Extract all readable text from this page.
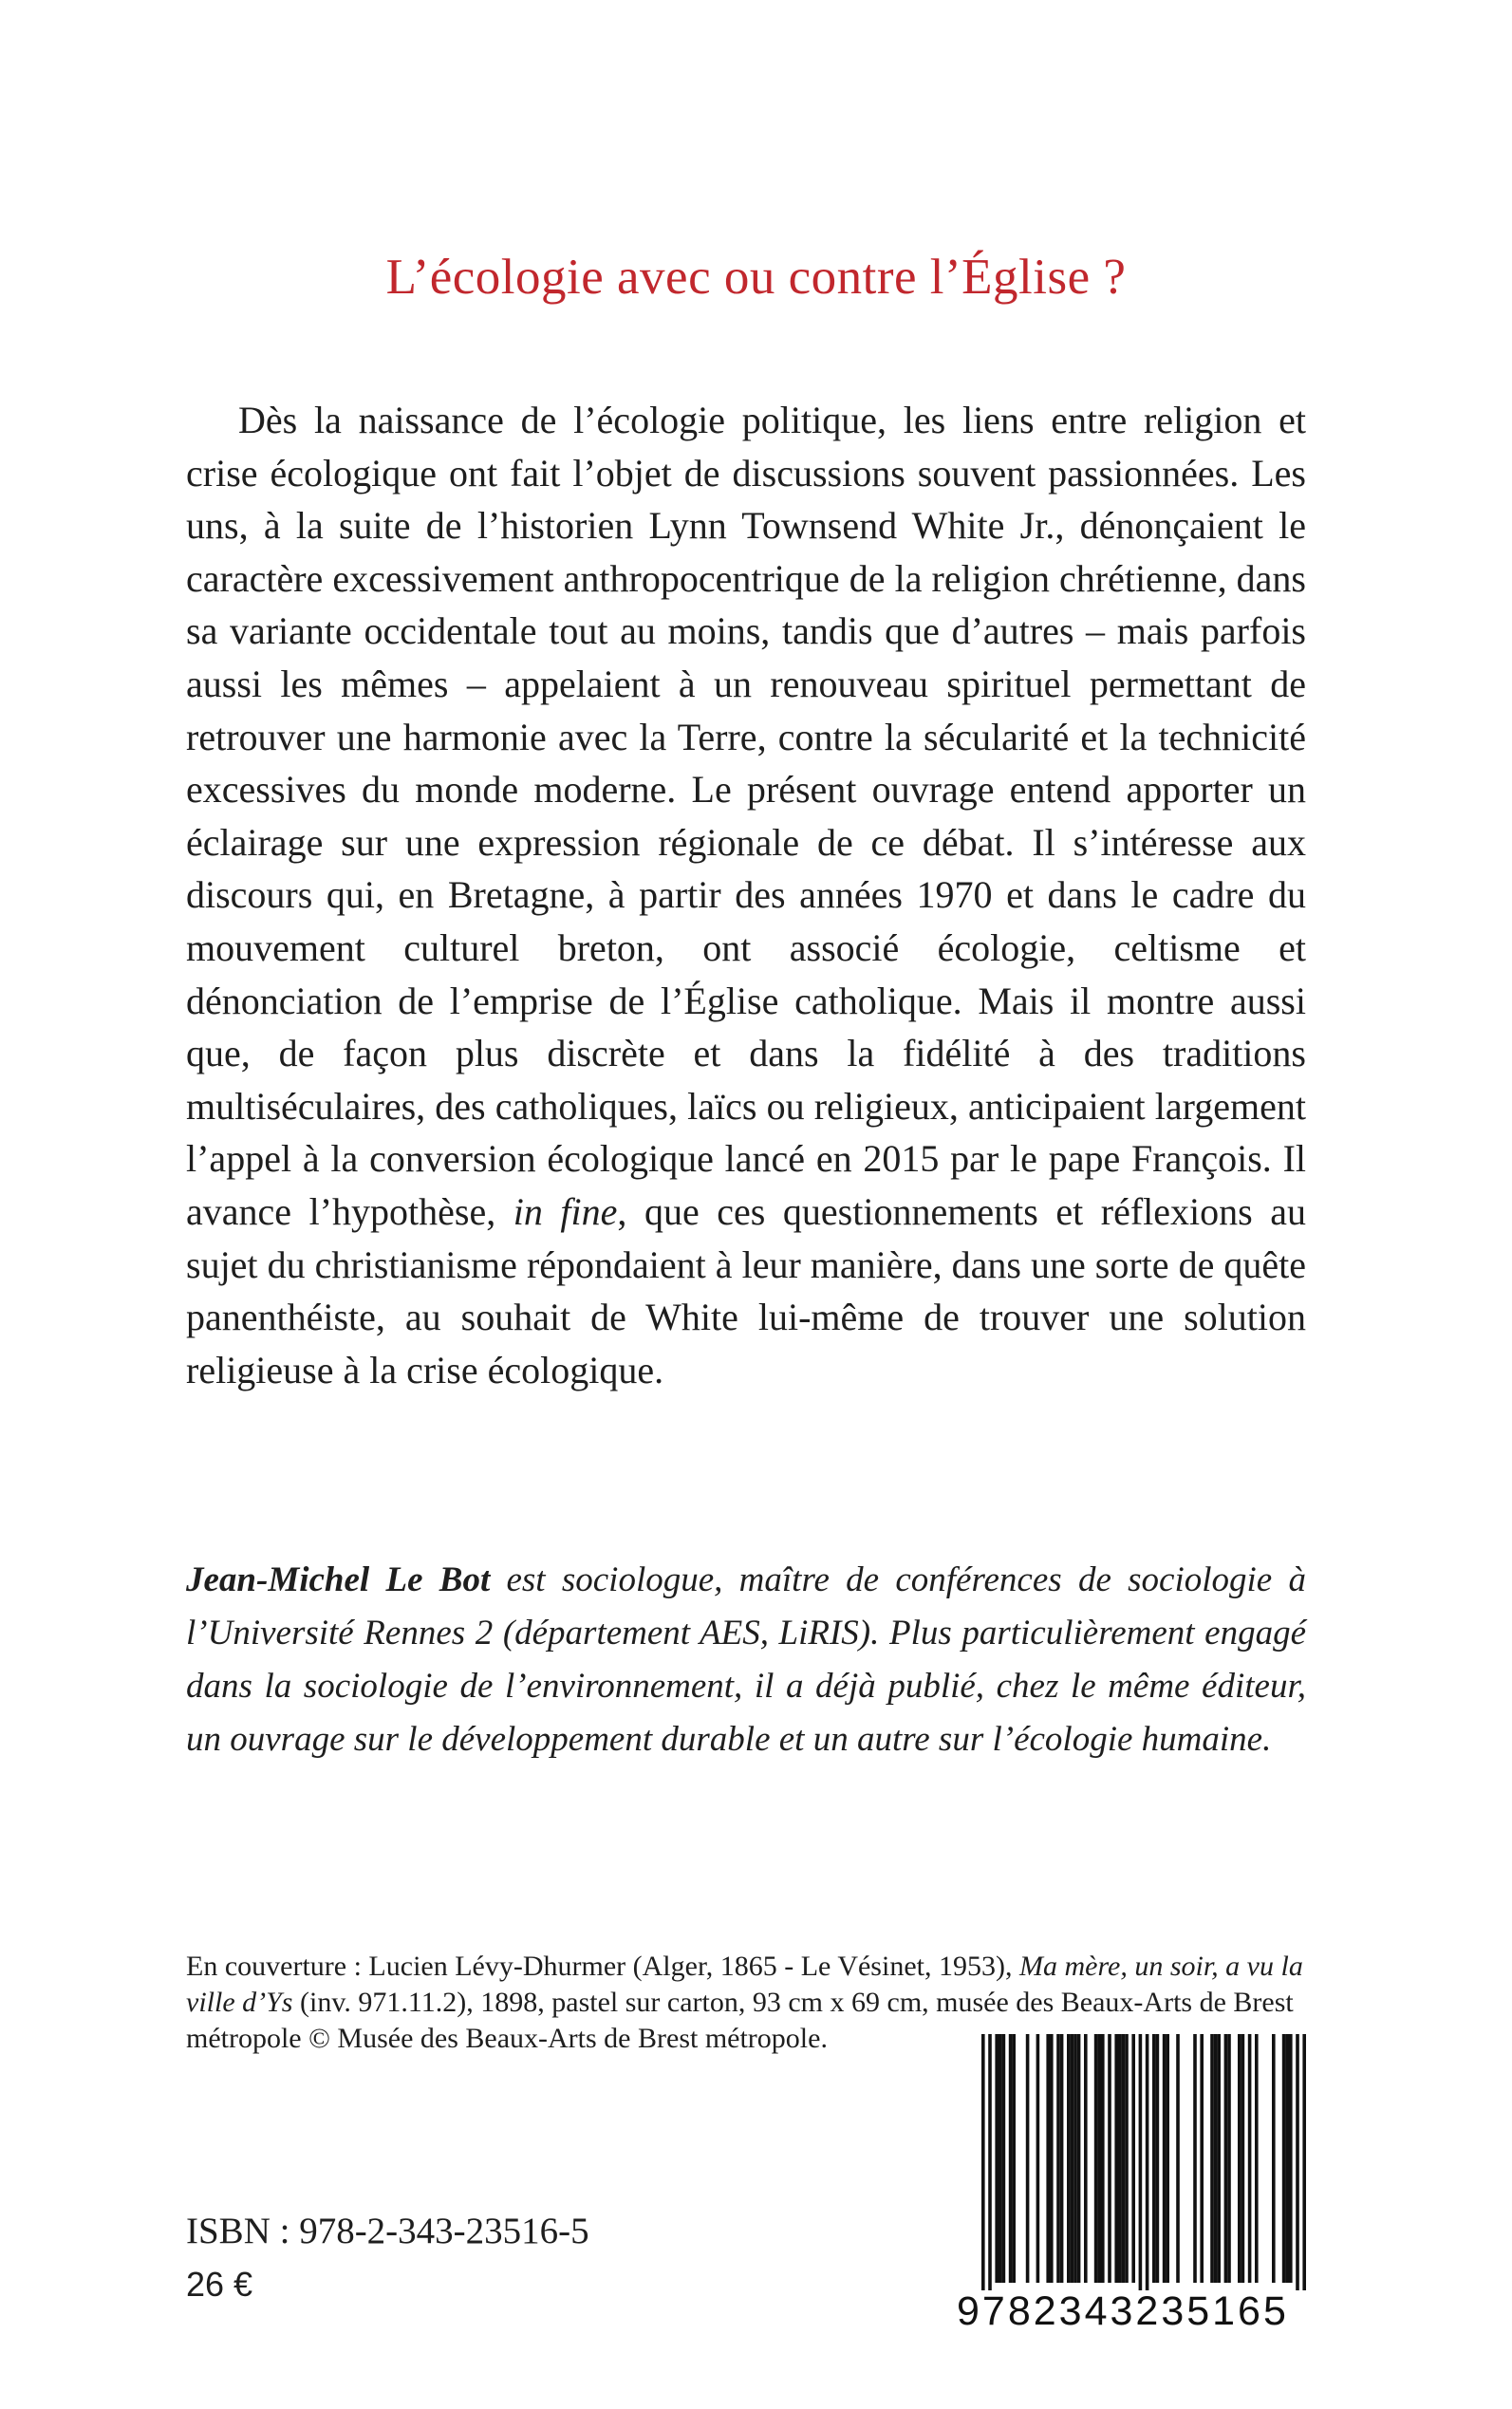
L’écologie avec ou contre l’Église ?

Dès la naissance de l’écologie politique, les liens entre religion et crise écologique ont fait l’objet de discussions souvent passionnées. Les uns, à la suite de l’historien Lynn Townsend White Jr., dénonçaient le caractère excessivement anthropocentrique de la religion chrétienne, dans sa variante occidentale tout au moins, tandis que d’autres – mais parfois aussi les mêmes – appelaient à un renouveau spirituel permettant de retrouver une harmonie avec la Terre, contre la sécularité et la technicité excessives du monde moderne. Le présent ouvrage entend apporter un éclairage sur une expression régionale de ce débat. Il s’intéresse aux discours qui, en Bretagne, à partir des années 1970 et dans le cadre du mouvement culturel breton, ont associé écologie, celtisme et dénonciation de l’emprise de l’Église catholique. Mais il montre aussi que, de façon plus discrète et dans la fidélité à des traditions multiséculaires, des catholiques, laïcs ou religieux, anticipaient largement l’appel à la conversion écologique lancé en 2015 par le pape François. Il avance l’hypothèse, in fine, que ces questionnements et réflexions au sujet du christianisme répondaient à leur manière, dans une sorte de quête panenthéiste, au souhait de White lui-même de trouver une solution religieuse à la crise écologique.

Jean-Michel Le Bot est sociologue, maître de conférences de sociologie à l’Université Rennes 2 (département AES, LiRIS). Plus particulièrement engagé dans la sociologie de l’environnement, il a déjà publié, chez le même éditeur, un ouvrage sur le développement durable et un autre sur l’écologie humaine.

En couverture : Lucien Lévy-Dhurmer (Alger, 1865 - Le Vésinet, 1953), Ma mère, un soir, a vu la ville d’Ys (inv. 971.11.2), 1898, pastel sur carton, 93 cm x 69 cm, musée des Beaux-Arts de Brest métropole © Musée des Beaux-Arts de Brest métropole.

ISBN : 978-2-343-23516-5
26 €
9782343235165
